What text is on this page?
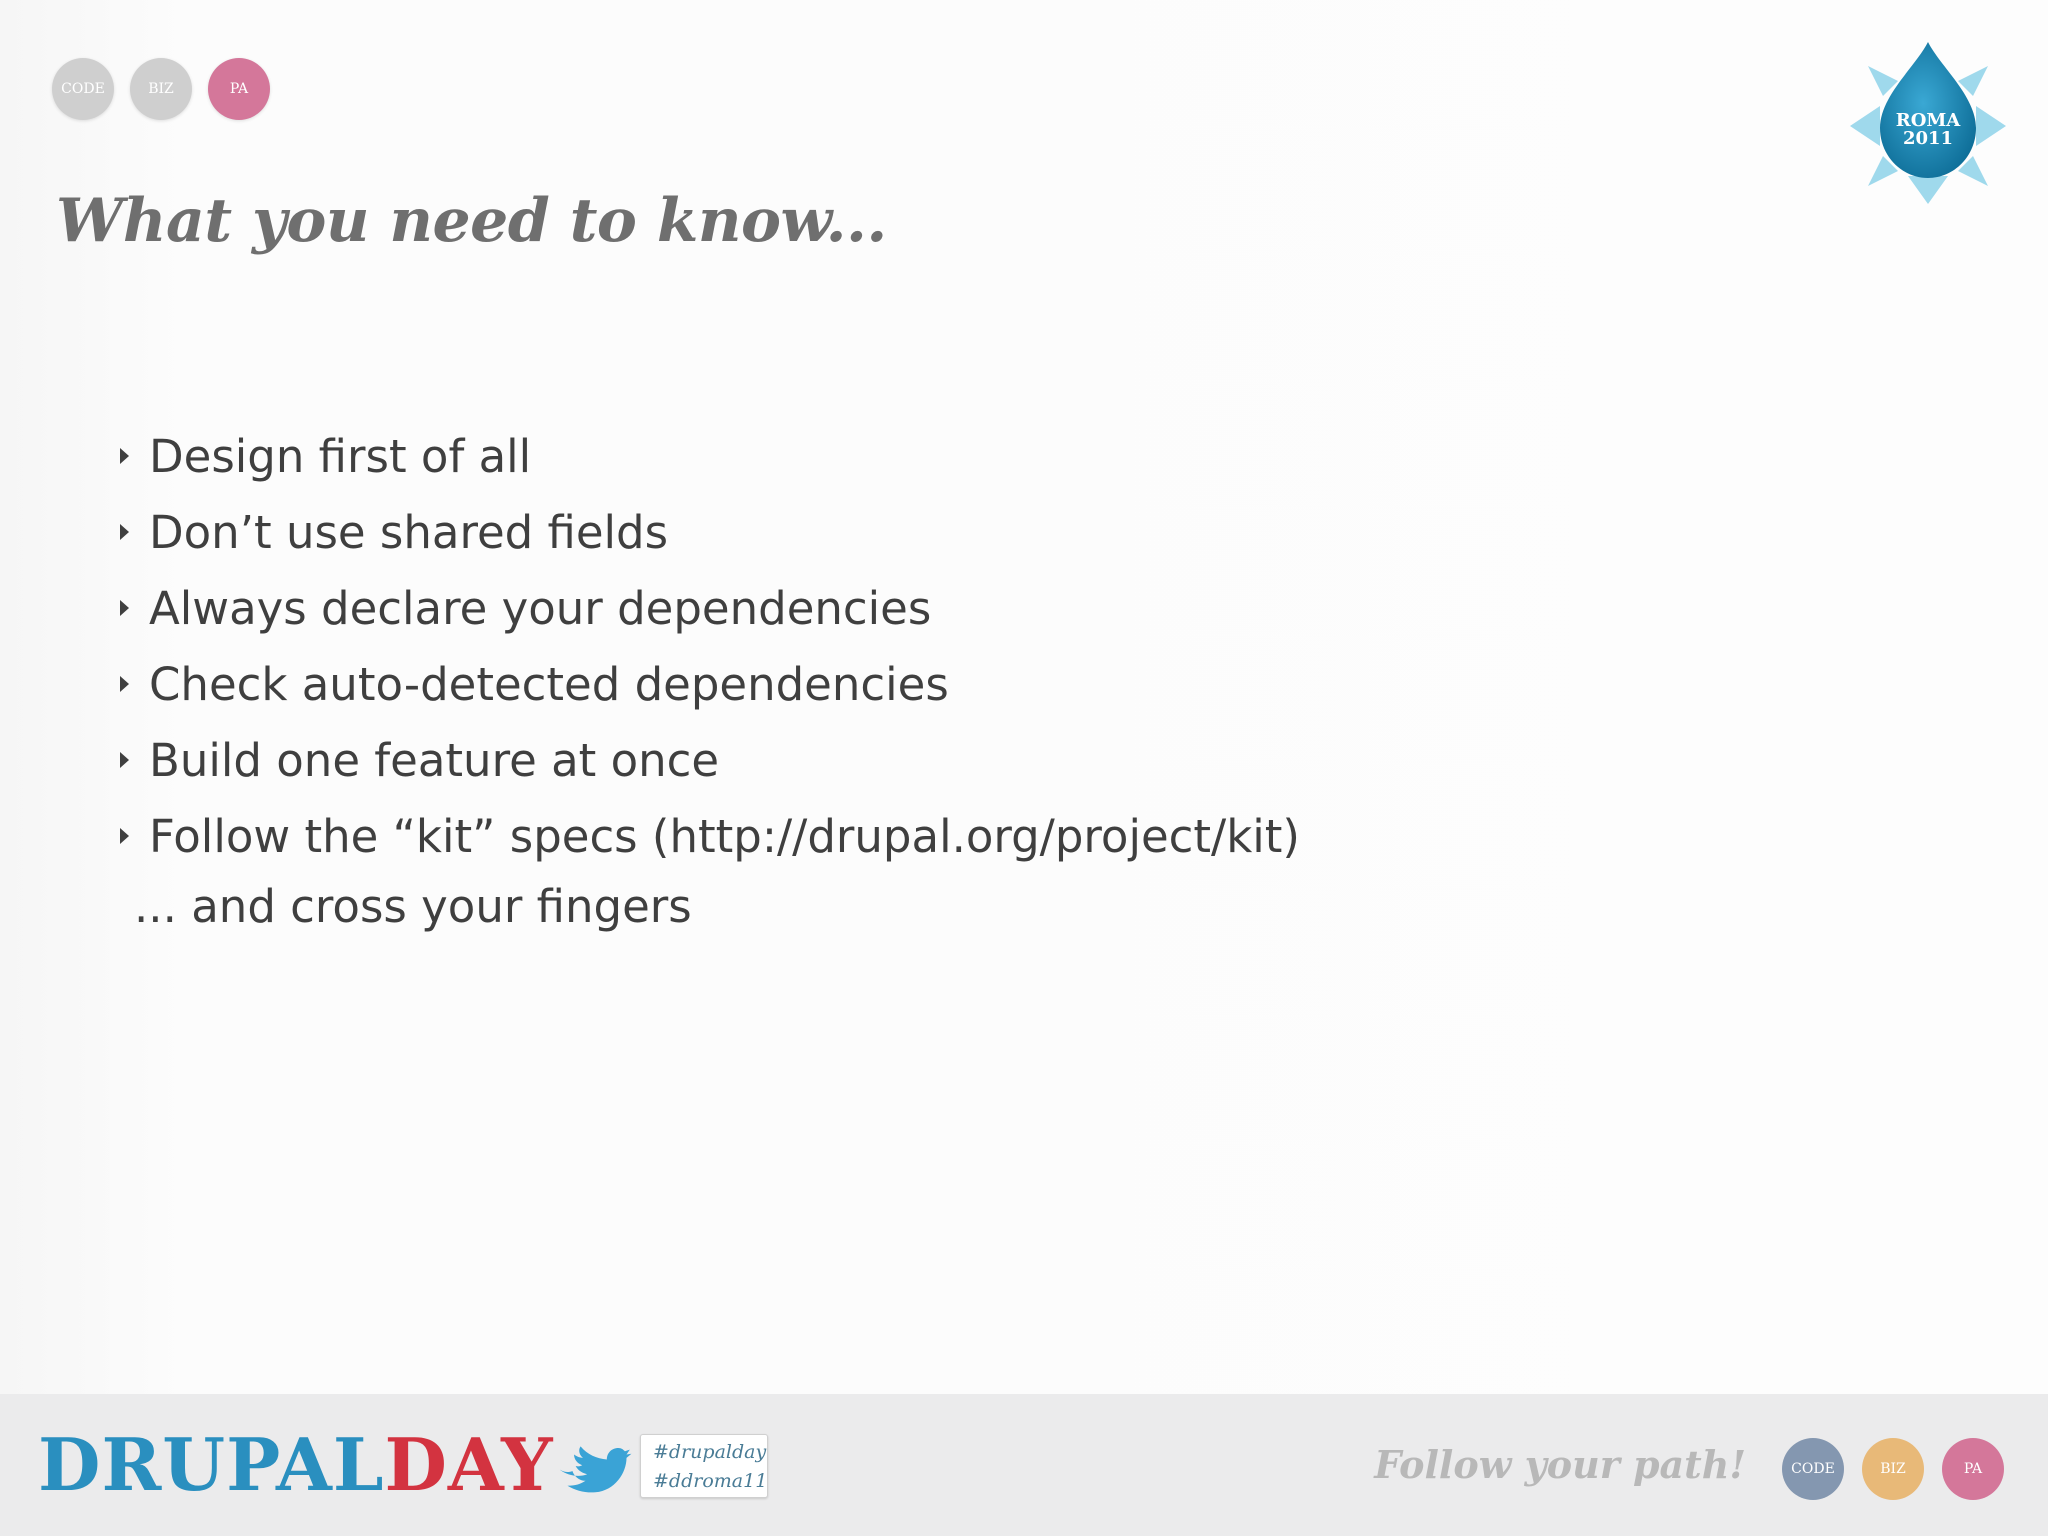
CODE	BIZ	PA
ROMA
2011
What you need to know...
Design first of all
Don’t use shared fields
Always declare your dependencies
Check auto-detected dependencies
Build one feature at once
Follow the “kit” specs (http://drupal.org/project/kit)
... and cross your fingers
DRUPALDAY	#drupalday
#ddroma11	Follow your path!	CODE	BIZ	PA
